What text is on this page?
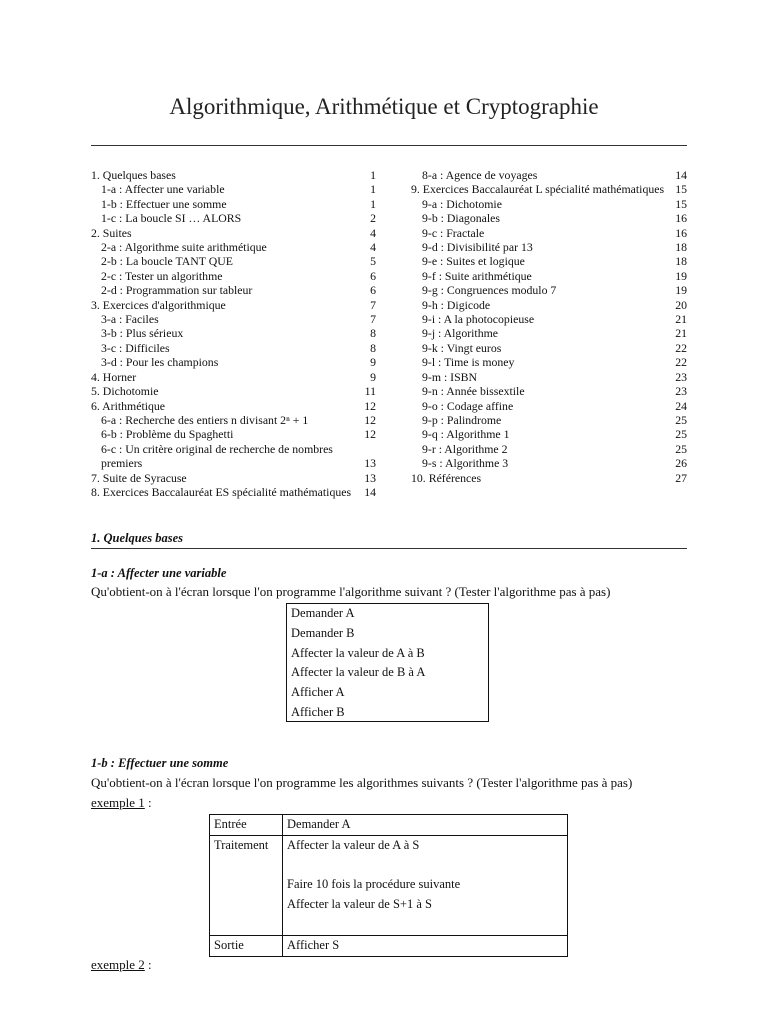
Algorithmique, Arithmétique et Cryptographie
1. Quelques bases	1
1-a : Affecter une variable	1
1-b : Effectuer une somme	1
1-c : La boucle SI … ALORS	2
2. Suites	4
2-a : Algorithme suite arithmétique	4
2-b : La boucle TANT QUE	5
2-c : Tester un algorithme	6
2-d : Programmation sur tableur	6
3. Exercices d'algorithmique	7
3-a : Faciles	7
3-b : Plus sérieux	8
3-c : Difficiles	8
3-d : Pour les champions	9
4. Horner	9
5. Dichotomie	11
6. Arithmétique	12
6-a : Recherche des entiers n divisant 2ⁿ + 1	12
6-b : Problème du Spaghetti	12
6-c : Un critère original de recherche de nombres premiers	13
7. Suite de Syracuse	13
8. Exercices Baccalauréat ES spécialité mathématiques	14
8-a : Agence de voyages	14
9. Exercices Baccalauréat L spécialité mathématiques 15
9-a : Dichotomie	15
9-b : Diagonales	16
9-c : Fractale	16
9-d : Divisibilité par 13	18
9-e : Suites et logique	18
9-f : Suite arithmétique	19
9-g : Congruences modulo 7	19
9-h : Digicode	20
9-i : A la photocopieuse	21
9-j : Algorithme	21
9-k : Vingt euros	22
9-l : Time is money	22
9-m : ISBN	23
9-n : Année bissextile	23
9-o : Codage affine	24
9-p : Palindrome	25
9-q : Algorithme 1	25
9-r : Algorithme 2	25
9-s : Algorithme 3	26
10. Références	27
1. Quelques bases
1-a : Affecter une variable
Qu'obtient-on à l'écran lorsque l'on programme l'algorithme suivant ? (Tester l'algorithme pas à pas)
Demander A
Demander B
Affecter la valeur de A à B
Affecter la valeur de B à A
Afficher A
Afficher B
1-b : Effectuer une somme
Qu'obtient-on à l'écran lorsque l'on programme les algorithmes suivants ? (Tester l'algorithme pas à pas)
exemple 1 :
Entrée	Demander A
Traitement	Affecter la valeur de A à S
Faire 10 fois la procédure suivante
Affecter la valeur de S+1 à S

Sortie	Afficher S
exemple 2 :
